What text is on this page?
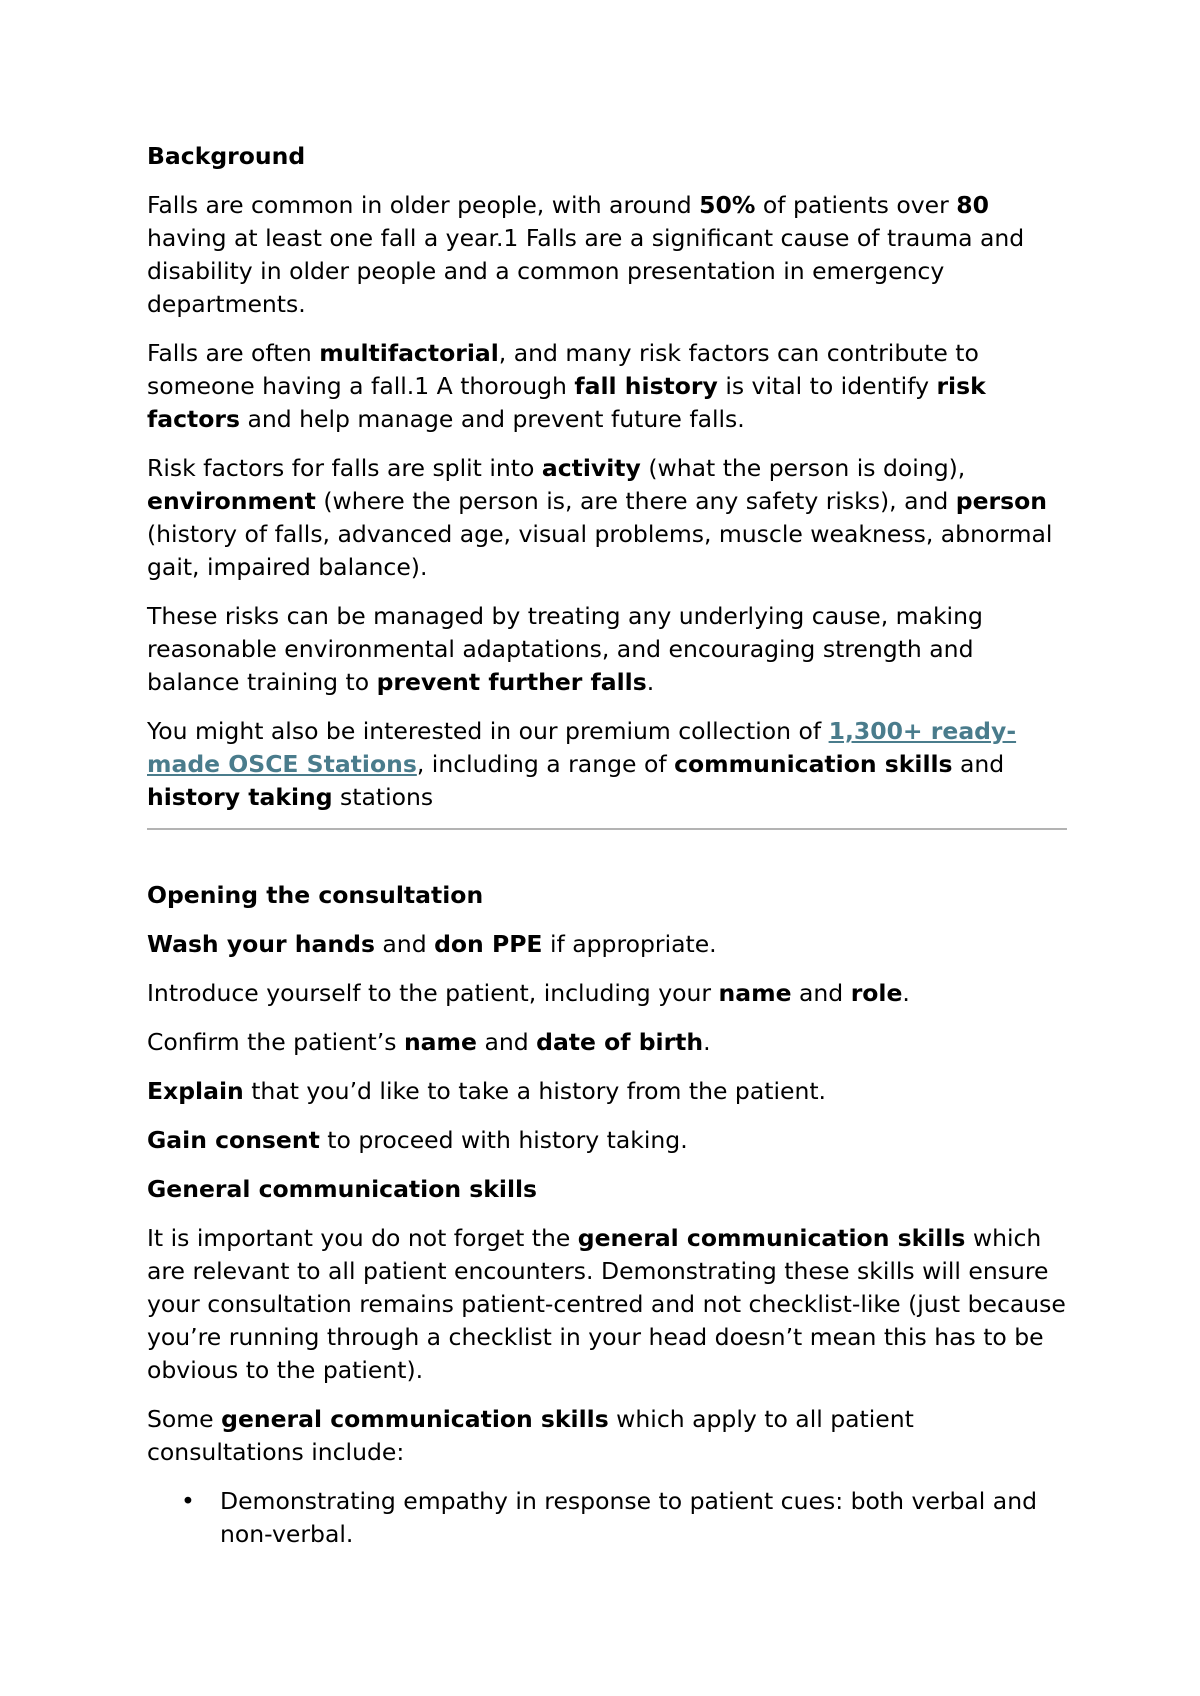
Background

Falls are common in older people, with around 50% of patients over 80 having at least one fall a year.1 Falls are a significant cause of trauma and disability in older people and a common presentation in emergency departments.

Falls are often multifactorial, and many risk factors can contribute to someone having a fall.1 A thorough fall history is vital to identify risk factors and help manage and prevent future falls.

Risk factors for falls are split into activity (what the person is doing), environment (where the person is, are there any safety risks), and person (history of falls, advanced age, visual problems, muscle weakness, abnormal gait, impaired balance).

These risks can be managed by treating any underlying cause, making reasonable environmental adaptations, and encouraging strength and balance training to prevent further falls.

You might also be interested in our premium collection of 1,300+ ready-made OSCE Stations, including a range of communication skills and history taking stations

Opening the consultation

Wash your hands and don PPE if appropriate.

Introduce yourself to the patient, including your name and role.

Confirm the patient’s name and date of birth.

Explain that you’d like to take a history from the patient.

Gain consent to proceed with history taking.

General communication skills

It is important you do not forget the general communication skills which are relevant to all patient encounters. Demonstrating these skills will ensure your consultation remains patient-centred and not checklist-like (just because you’re running through a checklist in your head doesn’t mean this has to be obvious to the patient).

Some general communication skills which apply to all patient consultations include:

• Demonstrating empathy in response to patient cues: both verbal and non-verbal.
